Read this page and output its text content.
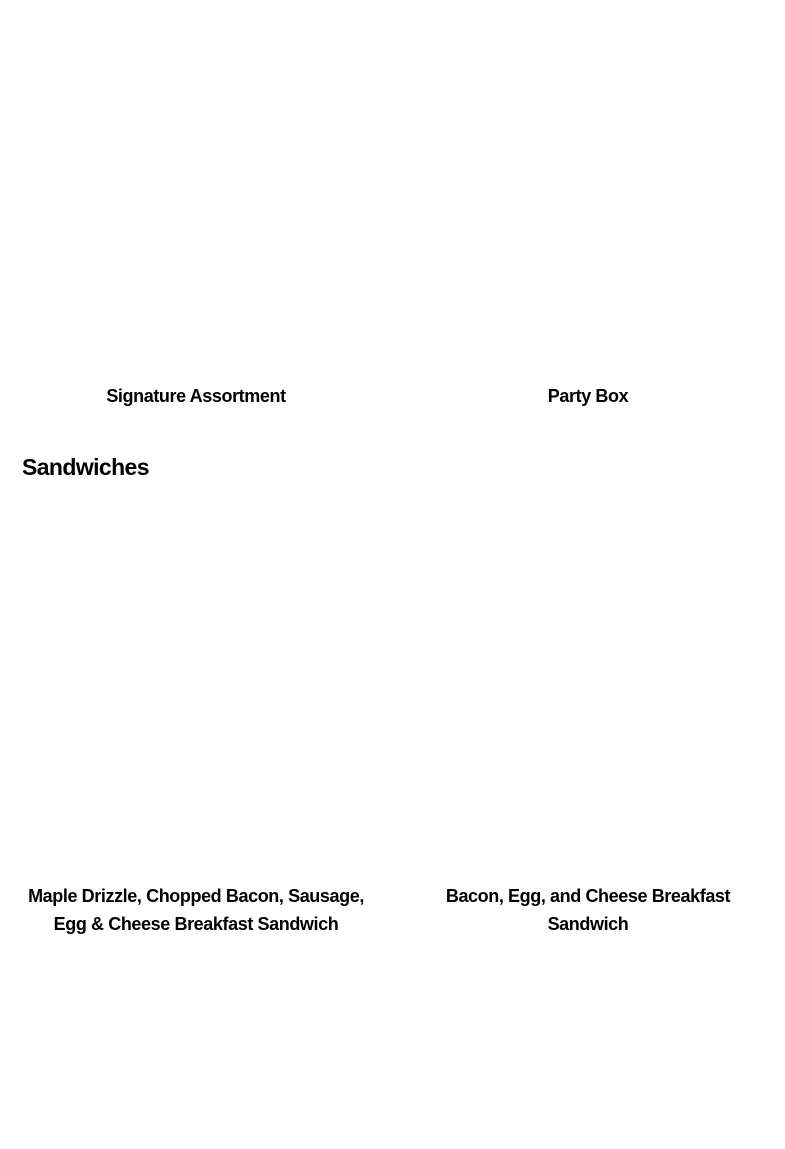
Signature Assortment	Party Box

Sandwiches

Maple Drizzle, Chopped Bacon, Sausage, Egg & Cheese Breakfast Sandwich

Bacon, Egg, and Cheese Breakfast Sandwich
